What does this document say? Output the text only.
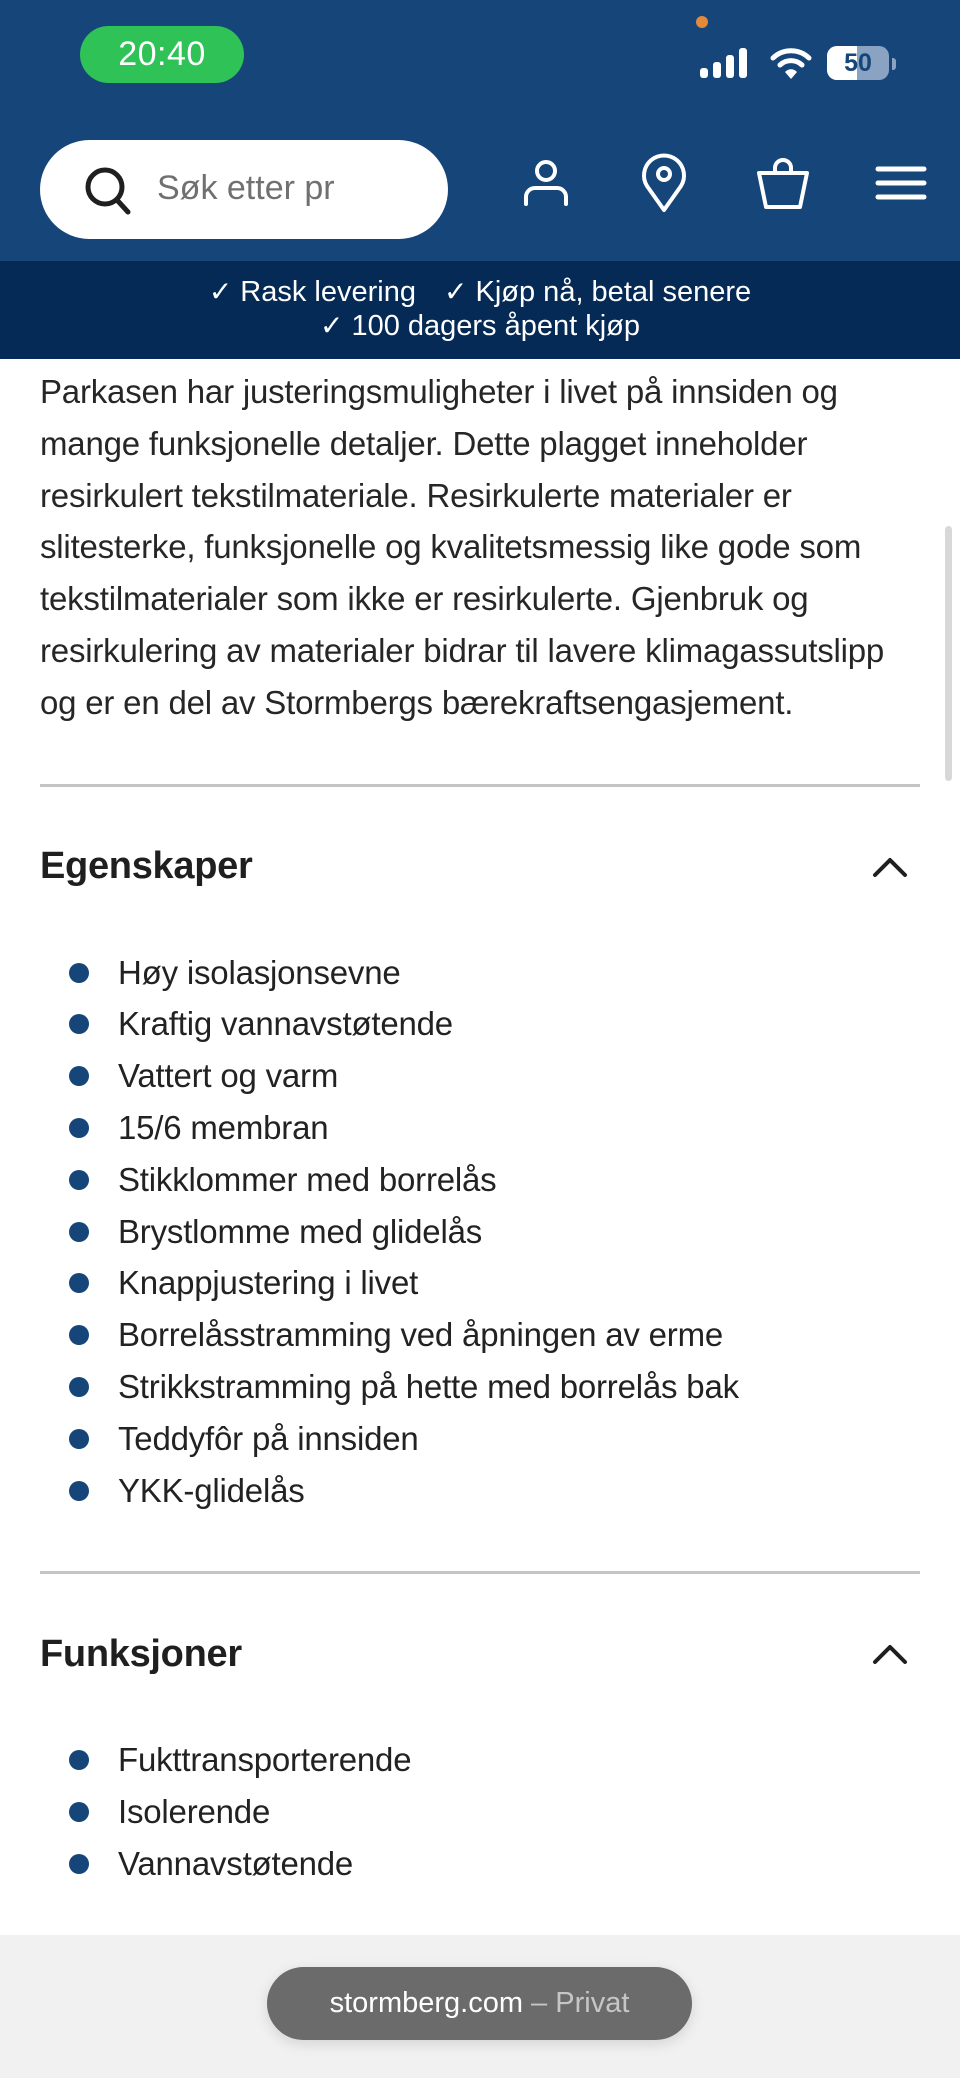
20:40	50
Søk etter pr
✓ Rask levering ✓ Kjøp nå, betal senere
✓ 100 dagers åpent kjøp

Parkasen har justeringsmuligheter i livet på innsiden og mange funksjonelle detaljer. Dette plagget inneholder resirkulert tekstilmateriale. Resirkulerte materialer er slitesterke, funksjonelle og kvalitetsmessig like gode som tekstilmaterialer som ikke er resirkulerte. Gjenbruk og resirkulering av materialer bidrar til lavere klimagassutslipp og er en del av Stormbergs bærekraftsengasjement.

Egenskaper
Høy isolasjonsevne
Kraftig vannavstøtende
Vattert og varm
15/6 membran
Stikklommer med borrelås
Brystlomme med glidelås
Knappjustering i livet
Borrelåsstramming ved åpningen av erme
Strikkstramming på hette med borrelås bak
Teddyfôr på innsiden
YKK-glidelås
Funksjoner
Fukttransporterende
Isolerende
Vannavstøtende
stormberg.com – Privat
